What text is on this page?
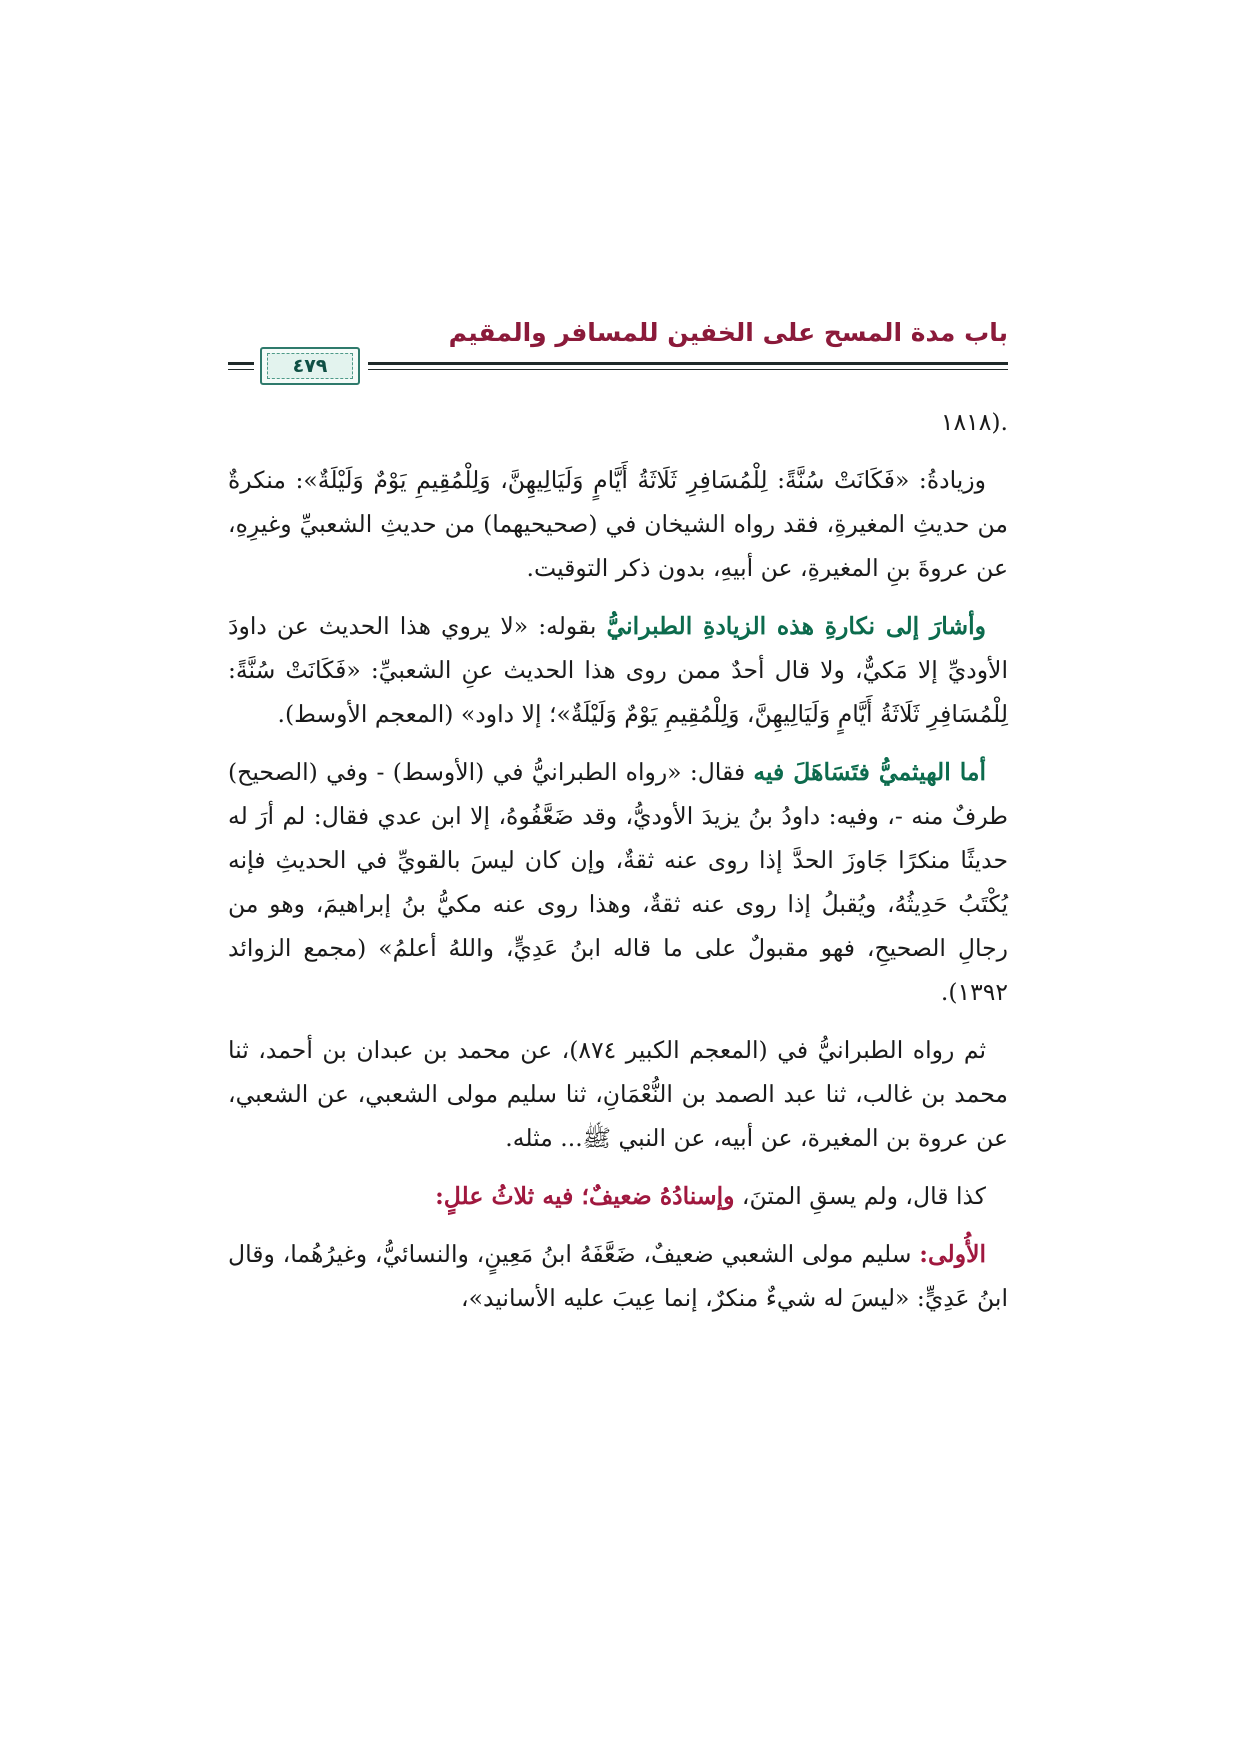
باب مدة المسح على الخفين للمسافر والمقيم
٤٧٩

.(١٨١٨

وزيادةُ: «فَكَانَتْ سُنَّةً: لِلْمُسَافِرِ ثَلَاثَةُ أَيَّامٍ وَلَيَالِيهِنَّ، وَلِلْمُقِيمِ يَوْمٌ وَلَيْلَةٌ»: منكرةٌ من حديثِ المغيرةِ، فقد رواه الشيخان في (صحيحيهما) من حديثِ الشعبيِّ وغيرِهِ، عن عروةَ بنِ المغيرةِ، عن أبيهِ، بدون ذكر التوقيت.

وأشارَ إلى نكارةِ هذه الزيادةِ الطبرانيُّ بقوله: «لا يروي هذا الحديث عن داودَ الأوديِّ إلا مَكيٌّ، ولا قال أحدٌ ممن روى هذا الحديث عنِ الشعبيِّ: «فَكَانَتْ سُنَّةً: لِلْمُسَافِرِ ثَلَاثَةُ أَيَّامٍ وَلَيَالِيهِنَّ، وَلِلْمُقِيمِ يَوْمٌ وَلَيْلَةٌ»؛ إلا داود» (المعجم الأوسط).

أما الهيثميُّ فتَسَاهَلَ فيه فقال: «رواه الطبرانيُّ في (الأوسط) - وفي (الصحيح) طرفٌ منه -، وفيه: داودُ بنُ يزيدَ الأوديُّ، وقد ضَعَّفُوهُ، إلا ابن عدي فقال: لم أرَ له حديثًا منكرًا جَاوزَ الحدَّ إذا روى عنه ثقةٌ، وإن كان ليسَ بالقويِّ في الحديثِ فإنه يُكْتَبُ حَدِيثُهُ، ويُقبلُ إذا روى عنه ثقةٌ، وهذا روى عنه مكيُّ بنُ إبراهيمَ، وهو من رجالِ الصحيحِ، فهو مقبولٌ على ما قاله ابنُ عَدِيٍّ، واللهُ أعلمُ» (مجمع الزوائد ١٣٩٢).

ثم رواه الطبرانيُّ في (المعجم الكبير ٨٧٤)، عن محمد بن عبدان بن أحمد، ثنا محمد بن غالب، ثنا عبد الصمد بن النُّعْمَانِ، ثنا سليم مولى الشعبي، عن الشعبي، عن عروة بن المغيرة، عن أبيه، عن النبي ﷺ... مثله.

كذا قال، ولم يسقِ المتنَ، وإسنادُهُ ضعيفٌ؛ فيه ثلاثُ عللٍ:

الأُولى: سليم مولى الشعبي ضعيفٌ، ضَعَّفَهُ ابنُ مَعِينٍ، والنسائيُّ، وغيرُهُما، وقال ابنُ عَدِيٍّ: «ليسَ له شيءٌ منكرٌ، إنما عِيبَ عليه الأسانيد»،
